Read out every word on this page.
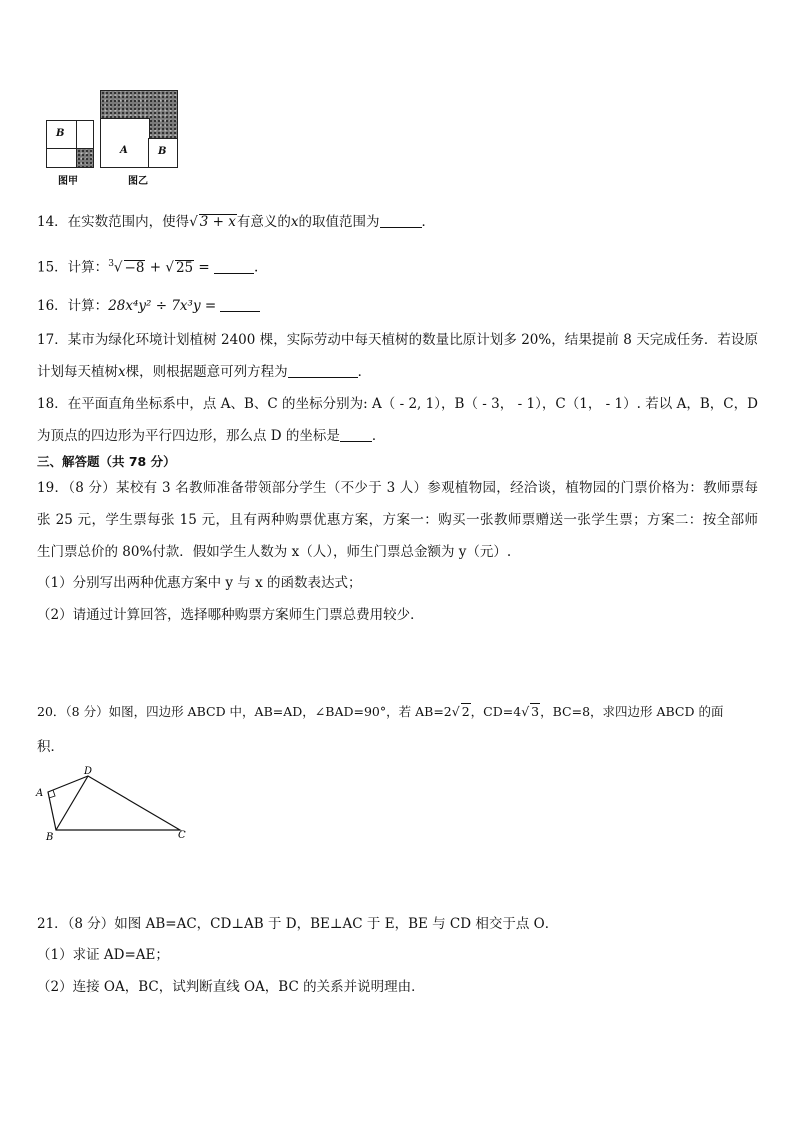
B
图甲
A	B
图乙
14．在实数范围内，使得√ 3 + x有意义的x的取值范围为	．
15．计算：$^3$√ −8 + √ 25 =	.
16．计算：28x⁴y² ÷ 7x³y =
17．某市为绿化环境计划植树 2400 棵，实际劳动中每天植树的数量比原计划多 20%，结果提前 8 天完成任务．若设原
计划每天植树x棵，则根据题意可列方程为	．
18．在平面直角坐标系中，点 A、B、C 的坐标分别为: A（ - 2, 1），B（ - 3， - 1），C（1， - 1）. 若以 A，B，C，D
为顶点的四边形为平行四边形，那么点 D 的坐标是 ．
三、解答题（共 78 分）
19．（8 分）某校有 3 名教师准备带领部分学生（不少于 3 人）参观植物园，经洽谈，植物园的门票价格为：教师票每
张 25 元，学生票每张 15 元，且有两种购票优惠方案，方案一：购买一张教师票赠送一张学生票；方案二：按全部师
生门票总价的 80%付款．假如学生人数为 x（人），师生门票总金额为 y（元）.
（1）分别写出两种优惠方案中 y 与 x 的函数表达式；
（2）请通过计算回答，选择哪种购票方案师生门票总费用较少．
20．（8 分）如图，四边形 ABCD 中，AB=AD，∠BAD=90°，若 AB=2√ 2，CD=4√ 3，BC=8，求四边形 ABCD 的面
积．
A
B	C
D
21．（8 分）如图 AB=AC，CD⊥AB 于 D，BE⊥AC 于 E，BE 与 CD 相交于点 O．
（1）求证 AD=AE；
（2）连接 OA，BC，试判断直线 OA，BC 的关系并说明理由．
